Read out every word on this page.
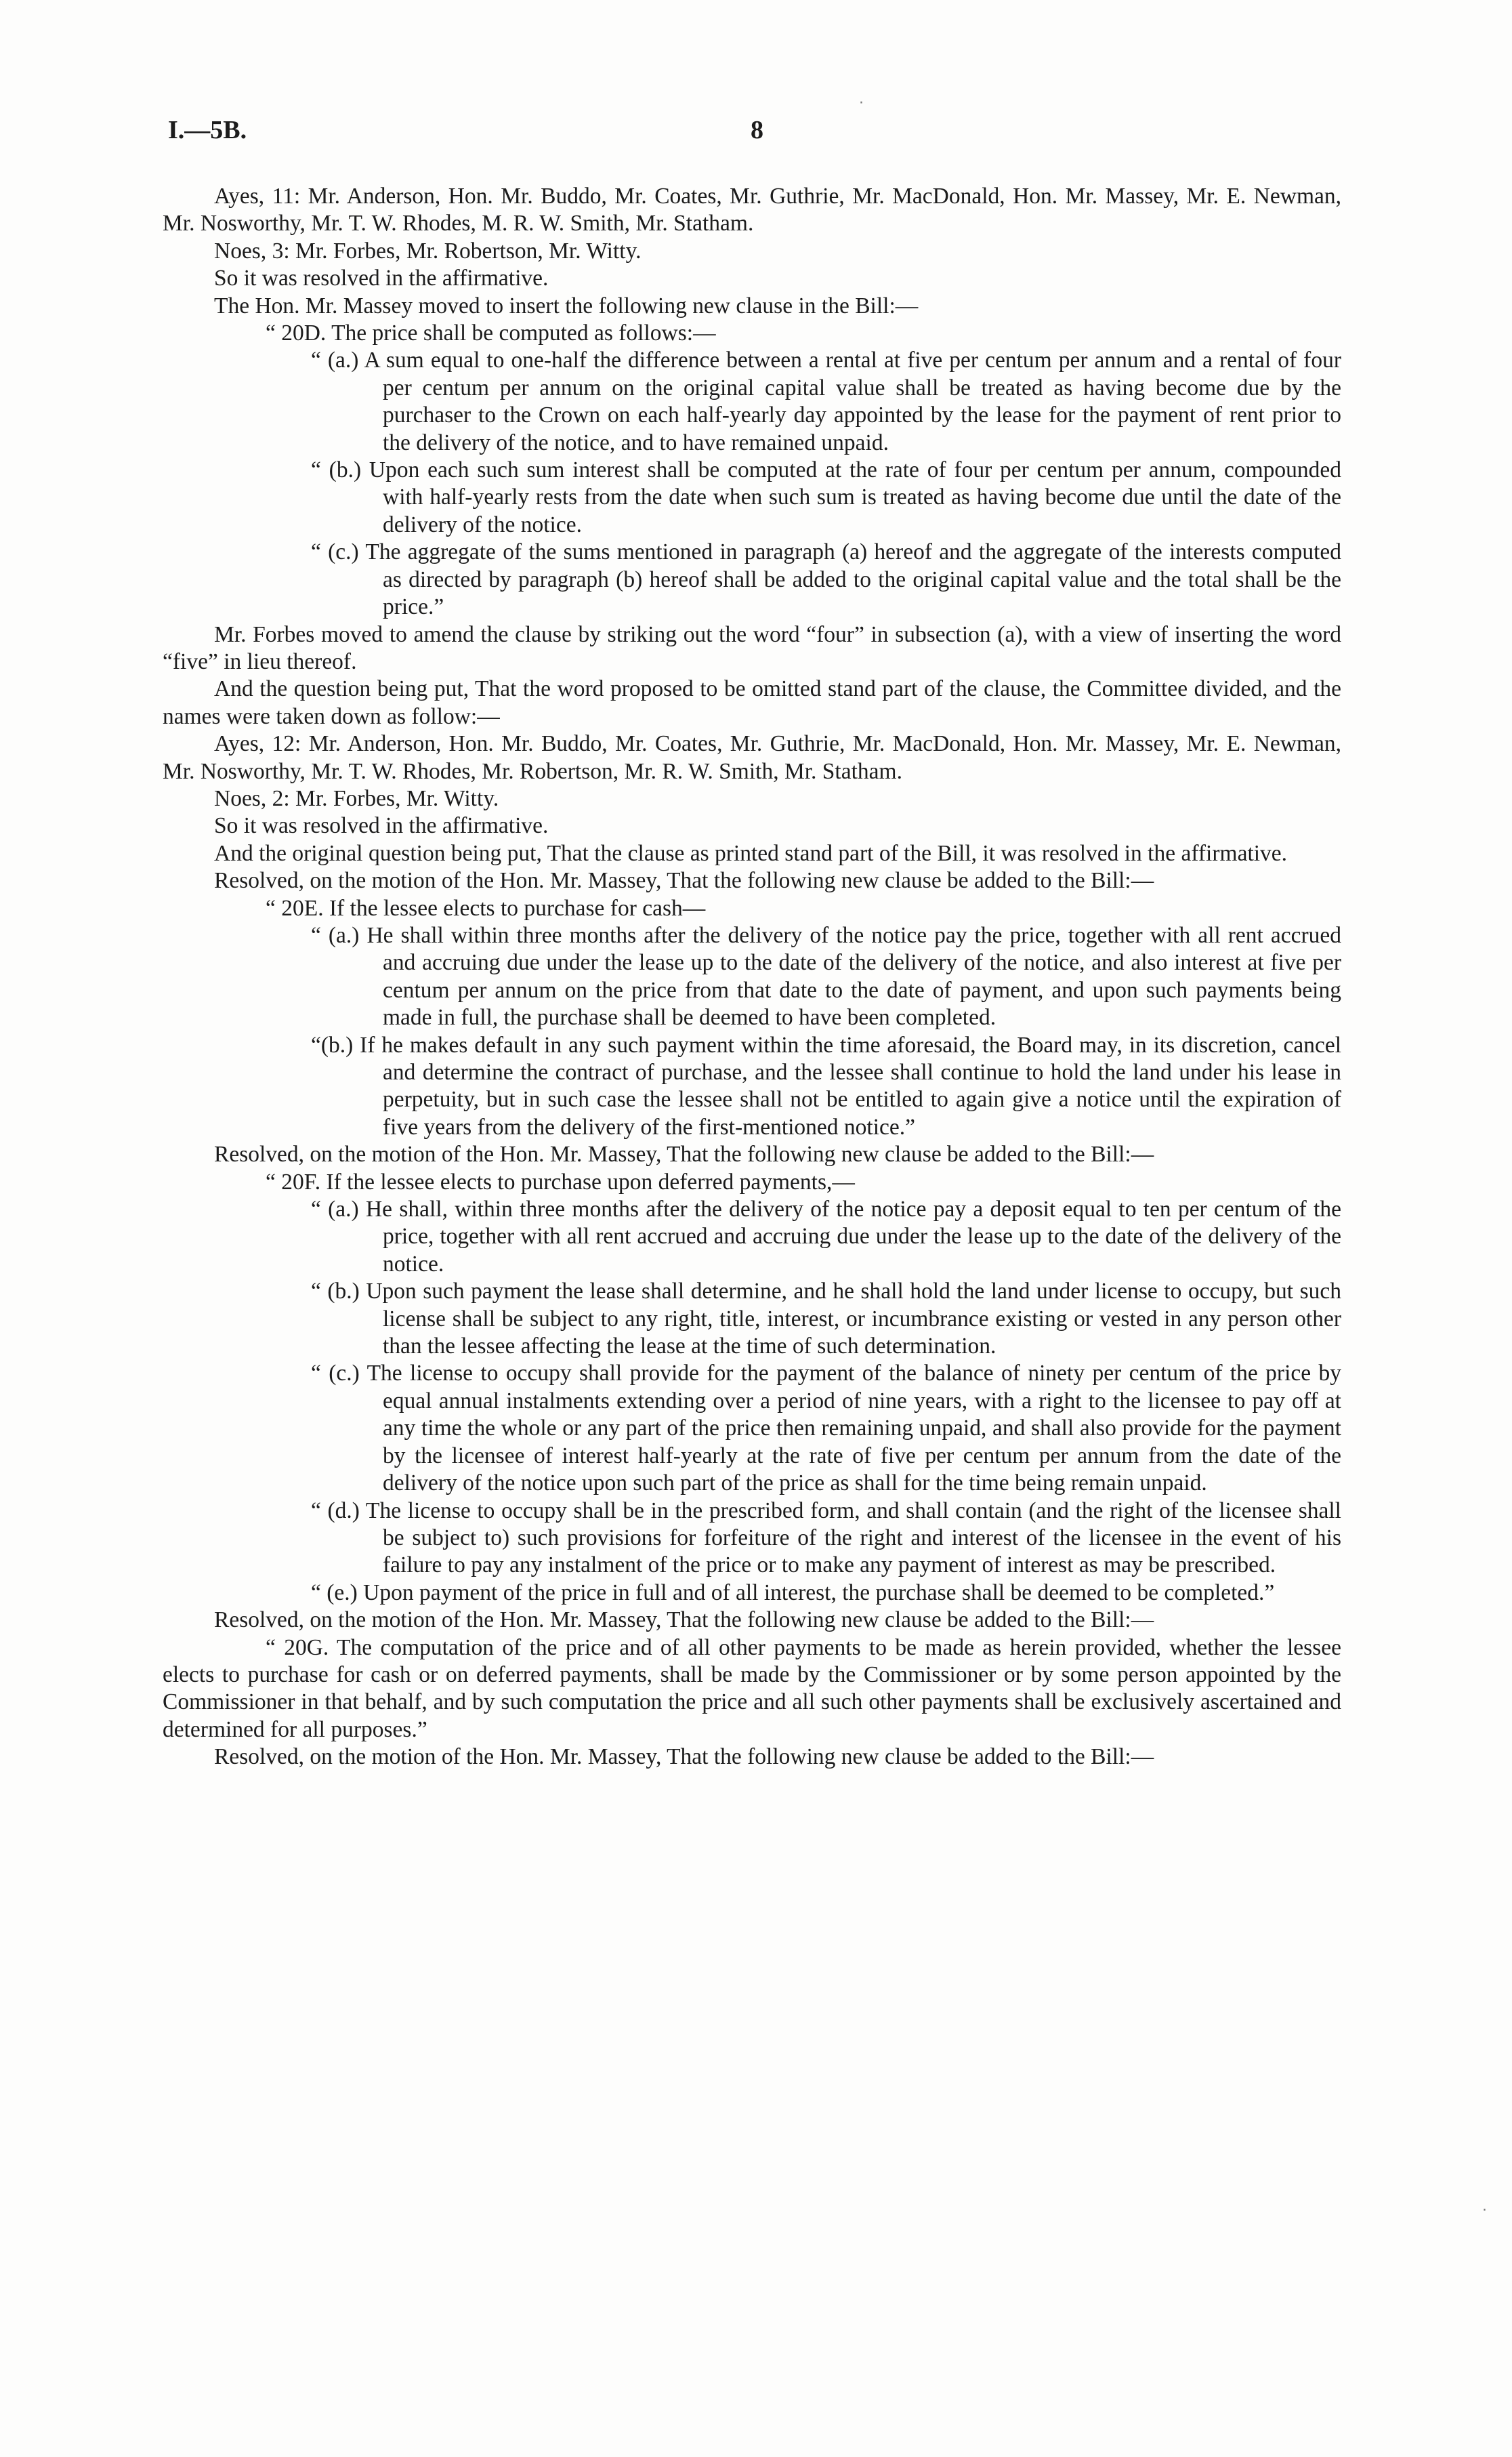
I.—5B.	8

Ayes, 11: Mr. Anderson, Hon. Mr. Buddo, Mr. Coates, Mr. Guthrie, Mr. MacDonald, Hon. Mr. Massey, Mr. E. Newman, Mr. Nosworthy, Mr. T. W. Rhodes, M. R. W. Smith, Mr. Statham.

Noes, 3: Mr. Forbes, Mr. Robertson, Mr. Witty.

So it was resolved in the affirmative.

The Hon. Mr. Massey moved to insert the following new clause in the Bill:—

“ 20D. The price shall be computed as follows:—

“ (a.) A sum equal to one-half the difference between a rental at five per centum per annum and a rental of four per centum per annum on the original capital value shall be treated as having become due by the purchaser to the Crown on each half-yearly day appointed by the lease for the payment of rent prior to the delivery of the notice, and to have remained unpaid.

“ (b.) Upon each such sum interest shall be computed at the rate of four per centum per annum, compounded with half-yearly rests from the date when such sum is treated as having become due until the date of the delivery of the notice.

“ (c.) The aggregate of the sums mentioned in paragraph (a) hereof and the aggregate of the interests computed as directed by paragraph (b) hereof shall be added to the original capital value and the total shall be the price.”

Mr. Forbes moved to amend the clause by striking out the word “four” in subsection (a), with a view of inserting the word “five” in lieu thereof.

And the question being put, That the word proposed to be omitted stand part of the clause, the Committee divided, and the names were taken down as follow:—

Ayes, 12: Mr. Anderson, Hon. Mr. Buddo, Mr. Coates, Mr. Guthrie, Mr. MacDonald, Hon. Mr. Massey, Mr. E. Newman, Mr. Nosworthy, Mr. T. W. Rhodes, Mr. Robertson, Mr. R. W. Smith, Mr. Statham.

Noes, 2: Mr. Forbes, Mr. Witty.

So it was resolved in the affirmative.

And the original question being put, That the clause as printed stand part of the Bill, it was resolved in the affirmative.

Resolved, on the motion of the Hon. Mr. Massey, That the following new clause be added to the Bill:—

“ 20E. If the lessee elects to purchase for cash—

“ (a.) He shall within three months after the delivery of the notice pay the price, together with all rent accrued and accruing due under the lease up to the date of the delivery of the notice, and also interest at five per centum per annum on the price from that date to the date of payment, and upon such payments being made in full, the purchase shall be deemed to have been completed.

“(b.) If he makes default in any such payment within the time aforesaid, the Board may, in its discretion, cancel and determine the contract of purchase, and the lessee shall continue to hold the land under his lease in perpetuity, but in such case the lessee shall not be entitled to again give a notice until the expiration of five years from the delivery of the first-mentioned notice.”

Resolved, on the motion of the Hon. Mr. Massey, That the following new clause be added to the Bill:—

“ 20F. If the lessee elects to purchase upon deferred payments,—

“ (a.) He shall, within three months after the delivery of the notice pay a deposit equal to ten per centum of the price, together with all rent accrued and accruing due under the lease up to the date of the delivery of the notice.

“ (b.) Upon such payment the lease shall determine, and he shall hold the land under license to occupy, but such license shall be subject to any right, title, interest, or incumbrance existing or vested in any person other than the lessee affecting the lease at the time of such determination.

“ (c.) The license to occupy shall provide for the payment of the balance of ninety per centum of the price by equal annual instalments extending over a period of nine years, with a right to the licensee to pay off at any time the whole or any part of the price then remaining unpaid, and shall also provide for the payment by the licensee of interest half-yearly at the rate of five per centum per annum from the date of the delivery of the notice upon such part of the price as shall for the time being remain unpaid.

“ (d.) The license to occupy shall be in the prescribed form, and shall contain (and the right of the licensee shall be subject to) such provisions for forfeiture of the right and interest of the licensee in the event of his failure to pay any instalment of the price or to make any payment of interest as may be prescribed.

“ (e.) Upon payment of the price in full and of all interest, the purchase shall be deemed to be completed.”

Resolved, on the motion of the Hon. Mr. Massey, That the following new clause be added to the Bill:—

“ 20G. The computation of the price and of all other payments to be made as herein provided, whether the lessee elects to purchase for cash or on deferred payments, shall be made by the Commissioner or by some person appointed by the Commissioner in that behalf, and by such computation the price and all such other payments shall be exclusively ascertained and determined for all purposes.”

Resolved, on the motion of the Hon. Mr. Massey, That the following new clause be added to the Bill:—

·
·
